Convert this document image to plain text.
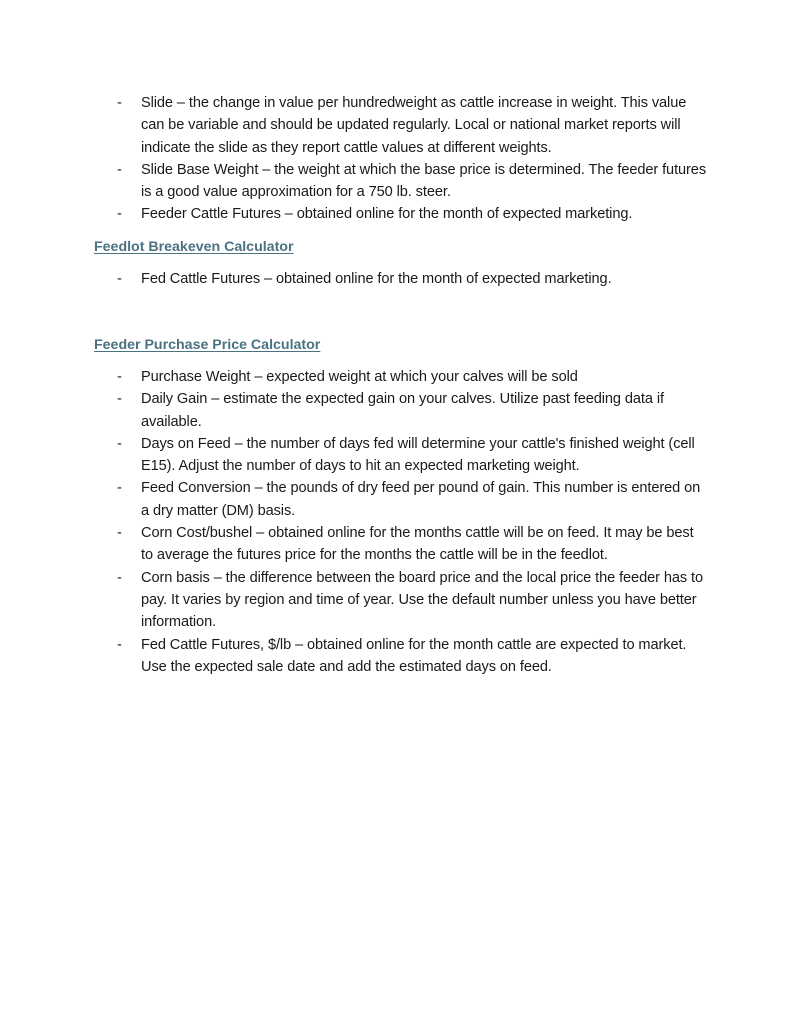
- Slide – the change in value per hundredweight as cattle increase in weight. This value can be variable and should be updated regularly. Local or national market reports will indicate the slide as they report cattle values at different weights.
- Slide Base Weight – the weight at which the base price is determined. The feeder futures is a good value approximation for a 750 lb. steer.
- Feeder Cattle Futures – obtained online for the month of expected marketing.
Feedlot Breakeven Calculator
- Fed Cattle Futures – obtained online for the month of expected marketing.
Feeder Purchase Price Calculator
- Purchase Weight – expected weight at which your calves will be sold
- Daily Gain – estimate the expected gain on your calves. Utilize past feeding data if available.
- Days on Feed – the number of days fed will determine your cattle's finished weight (cell E15). Adjust the number of days to hit an expected marketing weight.
- Feed Conversion – the pounds of dry feed per pound of gain. This number is entered on a dry matter (DM) basis.
- Corn Cost/bushel – obtained online for the months cattle will be on feed. It may be best to average the futures price for the months the cattle will be in the feedlot.
- Corn basis – the difference between the board price and the local price the feeder has to pay. It varies by region and time of year. Use the default number unless you have better information.
- Fed Cattle Futures, $/lb – obtained online for the month cattle are expected to market. Use the expected sale date and add the estimated days on feed.
